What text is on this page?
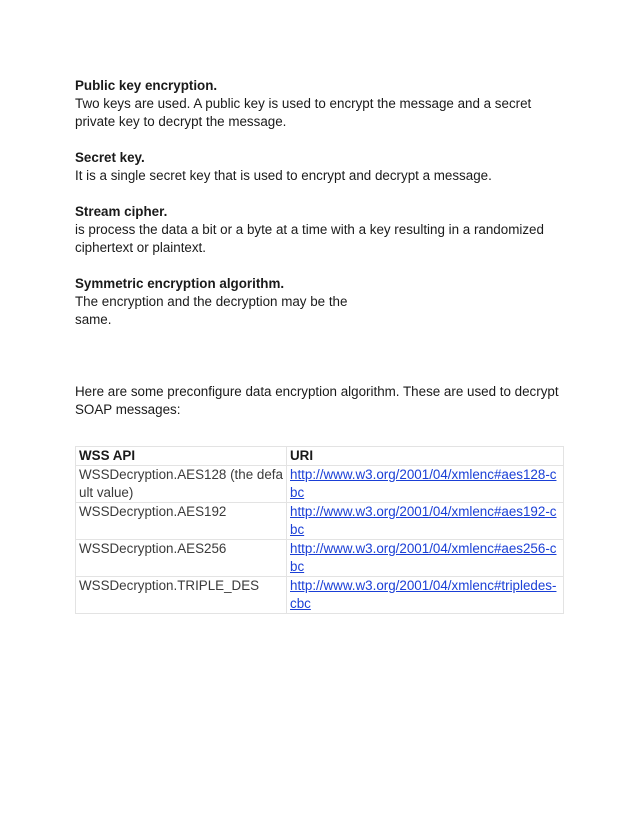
Public key encryption.
Two keys are used. A public key is used to encrypt the message and a secret private key to decrypt the message.
Secret key.
It is a single secret key that is used to encrypt and decrypt a message.
Stream cipher.
is process the data a bit or a byte at a time with a key resulting in a randomized ciphertext or plaintext.
Symmetric encryption algorithm.
The encryption and the decryption may be the same.
Here are some preconfigure data encryption algorithm. These are used to decrypt SOAP messages:
WSS API	URI
WSSDecryption.AES128 (the default value)	http://www.w3.org/2001/04/xmlenc#aes128-cbc
WSSDecryption.AES192	http://www.w3.org/2001/04/xmlenc#aes192-cbc
WSSDecryption.AES256	http://www.w3.org/2001/04/xmlenc#aes256-cbc
WSSDecryption.TRIPLE_DES	http://www.w3.org/2001/04/xmlenc#tripledes-cbc
